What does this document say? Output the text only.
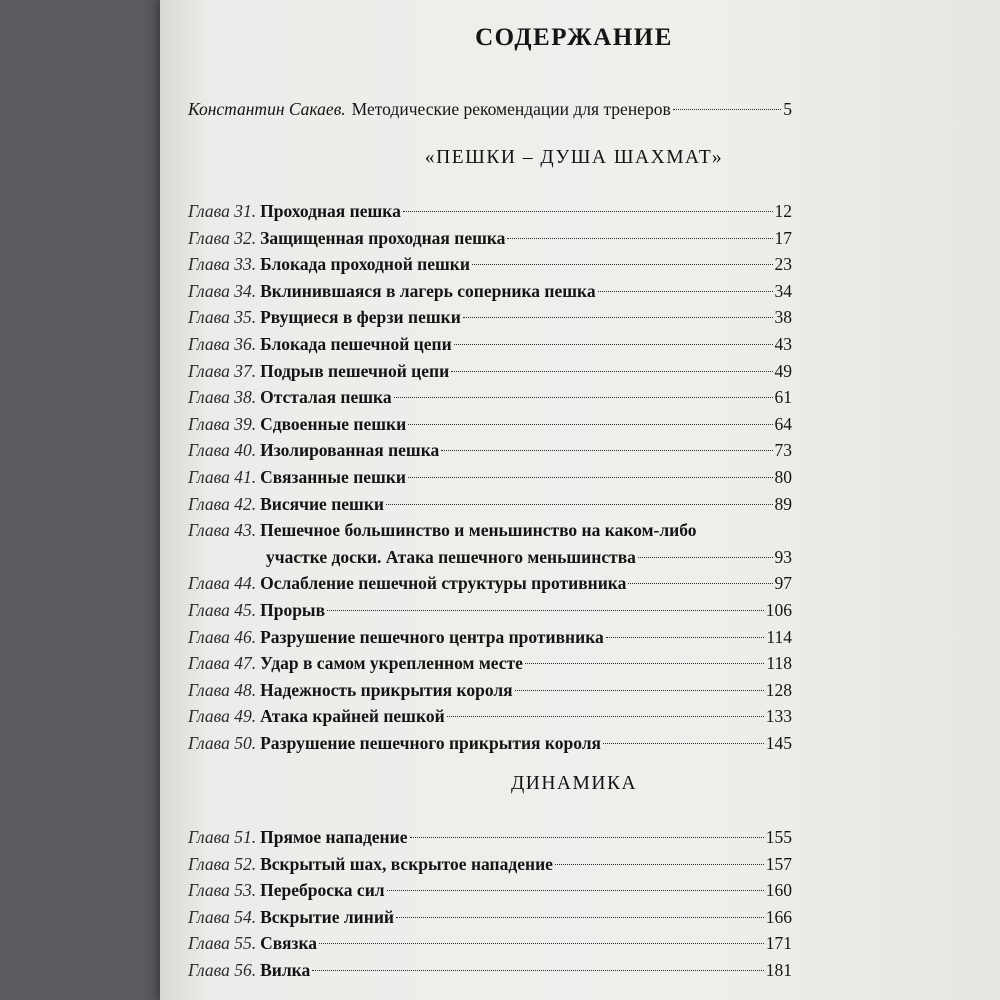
СОДЕРЖАНИЕ
Константин Сакаев. Методические рекомендации для тренеров	5
«ПЕШКИ – ДУША ШАХМАТ»
Глава 31. Проходная пешка	12
Глава 32. Защищенная проходная пешка	17
Глава 33. Блокада проходной пешки	23
Глава 34. Вклинившаяся в лагерь соперника пешка	34
Глава 35. Рвущиеся в ферзи пешки	38
Глава 36. Блокада пешечной цепи	43
Глава 37. Подрыв пешечной цепи	49
Глава 38. Отсталая пешка	61
Глава 39. Сдвоенные пешки	64
Глава 40. Изолированная пешка	73
Глава 41. Связанные пешки	80
Глава 42. Висячие пешки	89
Глава 43. Пешечное большинство и меньшинство на каком-либо
участке доски. Атака пешечного меньшинства	93
Глава 44. Ослабление пешечной структуры противника	97
Глава 45. Прорыв	106
Глава 46. Разрушение пешечного центра противника	114
Глава 47. Удар в самом укрепленном месте	118
Глава 48. Надежность прикрытия короля	128
Глава 49. Атака крайней пешкой	133
Глава 50. Разрушение пешечного прикрытия короля	145
ДИНАМИКА
Глава 51. Прямое нападение	155
Глава 52. Вскрытый шах, вскрытое нападение	157
Глава 53. Переброска сил	160
Глава 54. Вскрытие линий	166
Глава 55. Связка	171
Глава 56. Вилка	181
